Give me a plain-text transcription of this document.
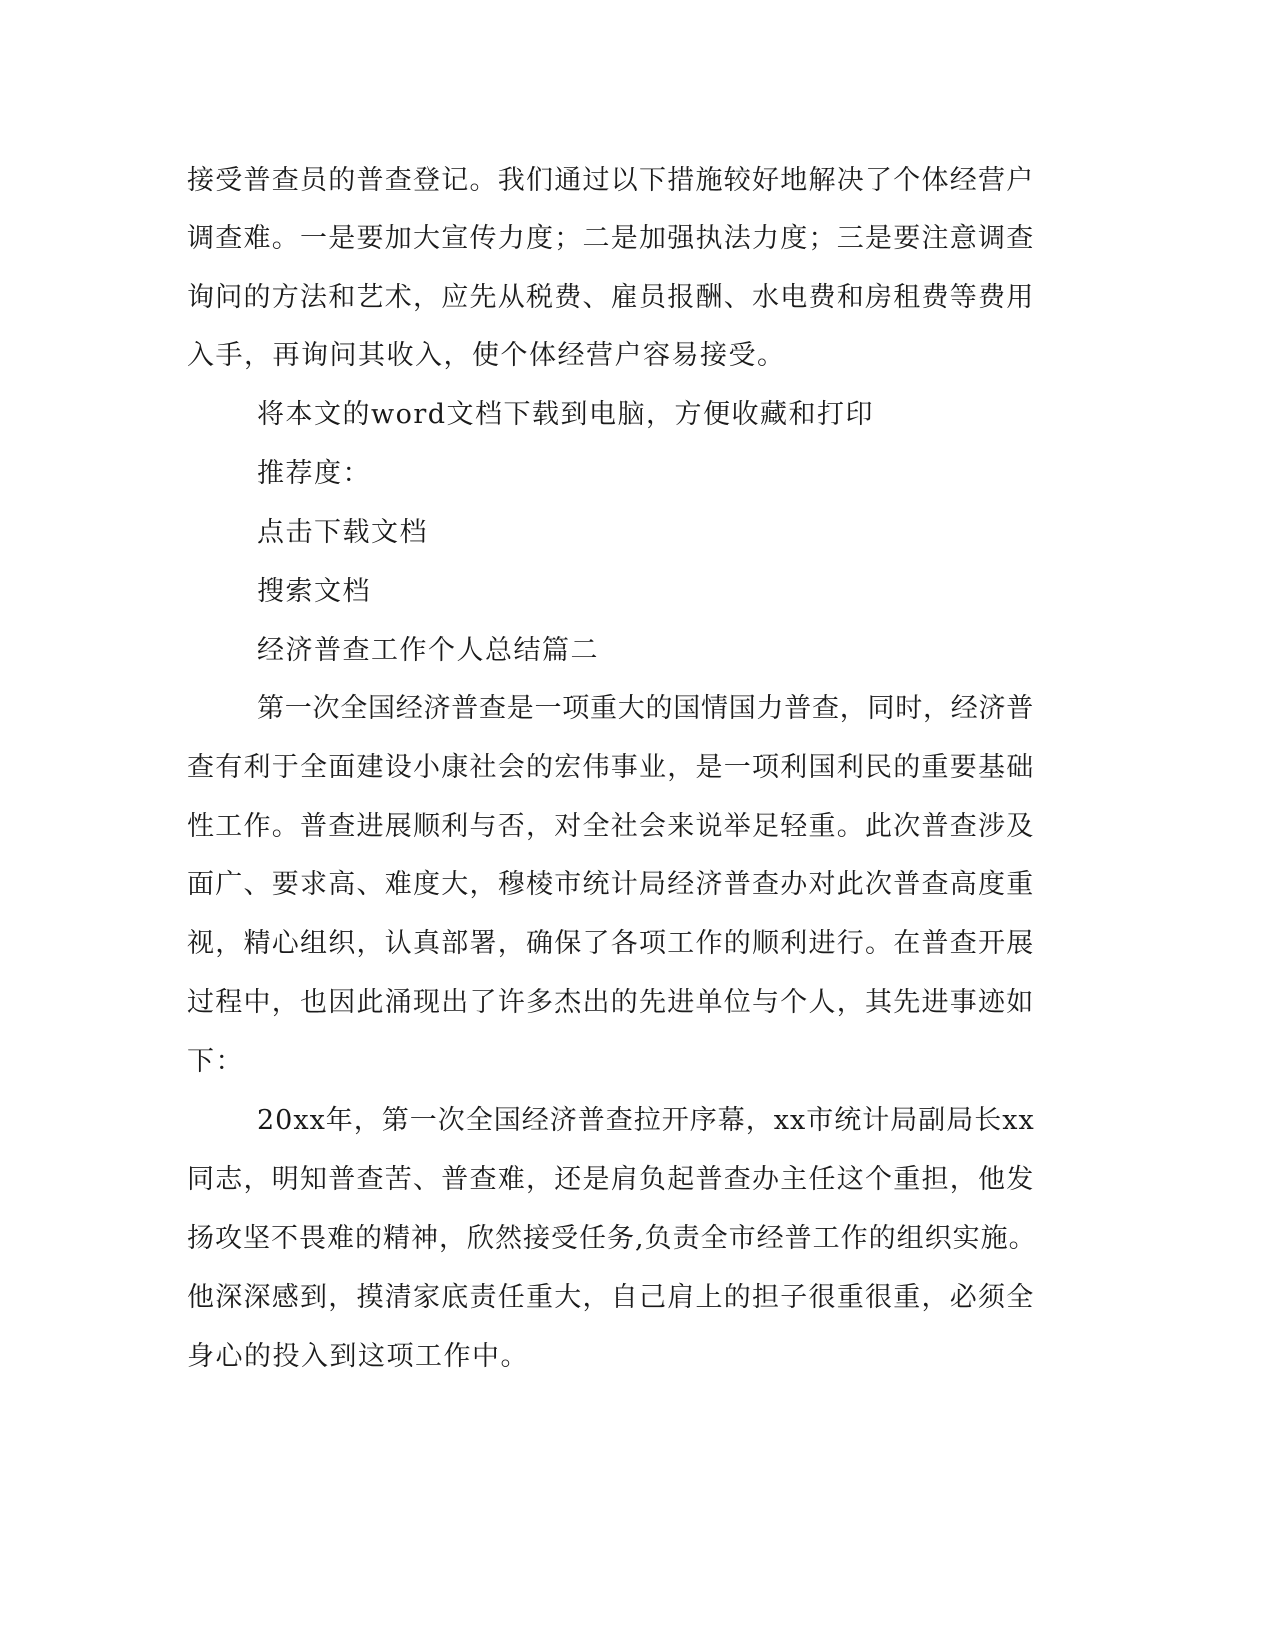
接受普查员的普查登记。我们通过以下措施较好地解决了个体经营户
调查难。一是要加大宣传力度；二是加强执法力度；三是要注意调查
询问的方法和艺术，应先从税费、雇员报酬、水电费和房租费等费用
入手，再询问其收入，使个体经营户容易接受。
将本文的word文档下载到电脑，方便收藏和打印
推荐度：
点击下载文档
搜索文档
经济普查工作个人总结篇二
第一次全国经济普查是一项重大的国情国力普查，同时，经济普
查有利于全面建设小康社会的宏伟事业，是一项利国利民的重要基础
性工作。普查进展顺利与否，对全社会来说举足轻重。此次普查涉及
面广、要求高、难度大，穆棱市统计局经济普查办对此次普查高度重
视，精心组织，认真部署，确保了各项工作的顺利进行。在普查开展
过程中，也因此涌现出了许多杰出的先进单位与个人，其先进事迹如
下：
20xx年，第一次全国经济普查拉开序幕，xx市统计局副局长xx
同志，明知普查苦、普查难，还是肩负起普查办主任这个重担，他发
扬攻坚不畏难的精神，欣然接受任务,负责全市经普工作的组织实施。
他深深感到，摸清家底责任重大，自己肩上的担子很重很重，必须全
身心的投入到这项工作中。
